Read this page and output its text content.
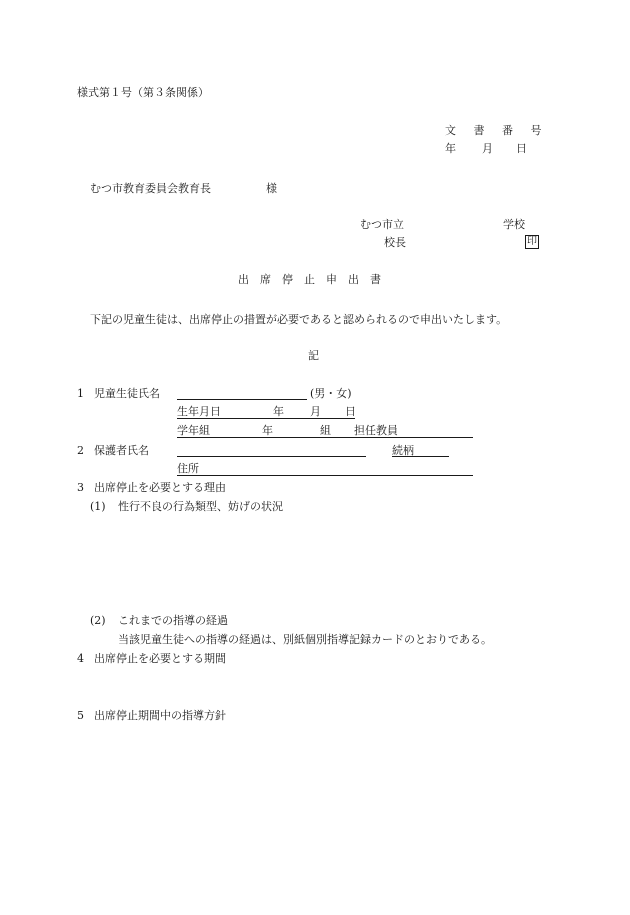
様式第１号（第３条関係）
文 書 番 号
年 月 日
むつ市教育委員会教育長	様
むつ市立	学校
校長	印
出席停止申出書
下記の児童生徒は、出席停止の措置が必要であると認められるので申出いたします。
記
1 児童生徒氏名	(男・女)
生年月日	年 月 日
学年組	年	組 担任教員
2 保護者氏名	続柄
住所
3 出席停止を必要とする理由
(1) 性行不良の行為類型、妨げの状況
(2) これまでの指導の経過
当該児童生徒への指導の経過は、別紙個別指導記録カードのとおりである。
4 出席停止を必要とする期間
5 出席停止期間中の指導方針
